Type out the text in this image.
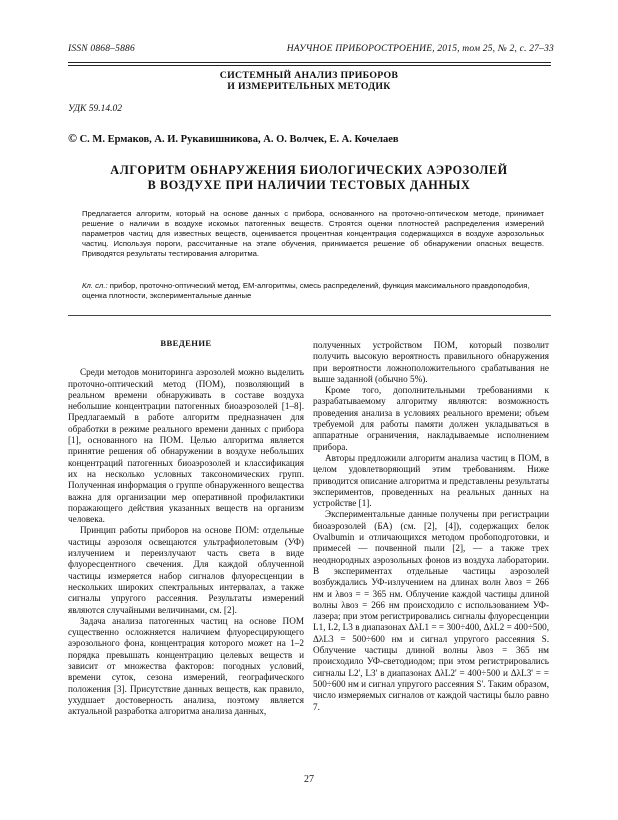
ISSN 0868–5886	НАУЧНОЕ ПРИБОРОСТРОЕНИЕ, 2015, том 25, № 2, c. 27–33
СИСТЕМНЫЙ АНАЛИЗ ПРИБОРОВ
И ИЗМЕРИТЕЛЬНЫХ МЕТОДИК
УДК 59.14.02
© С. М. Ермаков, А. И. Рукавишникова, А. О. Волчек, Е. А. Кочелаев
АЛГОРИТМ ОБНАРУЖЕНИЯ БИОЛОГИЧЕСКИХ АЭРОЗОЛЕЙ
В ВОЗДУХЕ ПРИ НАЛИЧИИ ТЕСТОВЫХ ДАННЫХ
Предлагается алгоритм, который на основе данных с прибора, основанного на проточно-оптическом методе, принимает решение о наличии в воздухе искомых патогенных веществ. Строятся оценки плотностей распределения измерений параметров частиц для известных веществ, оценивается процентная концентрация содержащихся в воздухе аэрозольных частиц. Используя пороги, рассчитанные на этапе обучения, принимается решение об обнаружении опасных веществ. Приводятся результаты тестирования алгоритма.
Кл. сл.: прибор, проточно-оптический метод, EM-алгоритмы, смесь распределений, функция максимального правдоподобия, оценка плотности, экспериментальные данные

ВВЕДЕНИЕ

Среди методов мониторинга аэрозолей можно выделить проточно-оптический метод (ПОМ), позволяющий в реальном времени обнаруживать в составе воздуха небольшие концентрации патогенных биоаэрозолей [1–8]. Предлагаемый в работе алгоритм предназначен для обработки в режиме реального времени данных с прибора [1], основанного на ПОМ. Целью алгоритма является принятие решения об обнаружении в воздухе небольших концентраций патогенных биоаэрозолей и классификация их на несколько условных таксономических групп. Полученная информация о группе обнаруженного вещества важна для организации мер оперативной профилактики поражающего действия указанных веществ на организм человека.

Принцип работы приборов на основе ПОМ: отдельные частицы аэрозоля освещаются ультрафиолетовым (УФ) излучением и переизлучают часть света в виде флуоресцентного свечения. Для каждой облученной частицы измеряется набор сигналов флуоресценции в нескольких широких спектральных интервалах, а также сигналы упругого рассеяния. Результаты измерений являются случайными величинами, см. [2].

Задача анализа патогенных частиц на основе ПОМ существенно осложняется наличием флуоресцирующего аэрозольного фона, концентрация которого может на 1–2 порядка превышать концентрацию целевых веществ и зависит от множества факторов: погодных условий, времени суток, сезона измерений, географического положения [3]. Присутствие данных веществ, как правило, ухудшает достоверность анализа, поэтому является актуальной разработка алгоритма анализа данных,

полученных устройством ПОМ, который позволит получить высокую вероятность правильного обнаружения при вероятности ложноположительного срабатывания не выше заданной (обычно 5%).

Кроме того, дополнительными требованиями к разрабатываемому алгоритму являются: возможность проведения анализа в условиях реального времени; объем требуемой для работы памяти должен укладываться в аппаратные ограничения, накладываемые исполнением прибора.

Авторы предложили алгоритм анализа частиц в ПОМ, в целом удовлетворяющий этим требованиям. Ниже приводится описание алгоритма и представлены результаты экспериментов, проведенных на реальных данных на устройстве [1].

Экспериментальные данные получены при регистрации биоаэрозолей (БА) (см. [2], [4]), содержащих белок Ovalbumin и отличающихся методом пробоподготовки, и примесей — почвенной пыли [2], — а также трех неоднородных аэрозольных фонов из воздуха лаборатории. В экспериментах отдельные частицы аэрозолей возбуждались УФ-излучением на длинах волн λвоз = 266 нм и λвоз = = 365 нм. Облучение каждой частицы длиной волны λвоз = 266 нм происходило с использованием УФ-лазера; при этом регистрировались сигналы флуоресценции L1, L2, L3 в диапазонах ΔλL1 = = 300÷400, ΔλL2 = 400÷500, ΔλL3 = 500÷600 нм и сигнал упругого рассеяния S. Облучение частицы длиной волны λвоз = 365 нм происходило УФ-светодиодом; при этом регистрировались сигналы L2', L3' в диапазонах ΔλL2' = 400÷500 и ΔλL3' = = 500÷600 нм и сигнал упругого рассеяния S'. Таким образом, число измеряемых сигналов от каждой частицы было равно 7.

27
